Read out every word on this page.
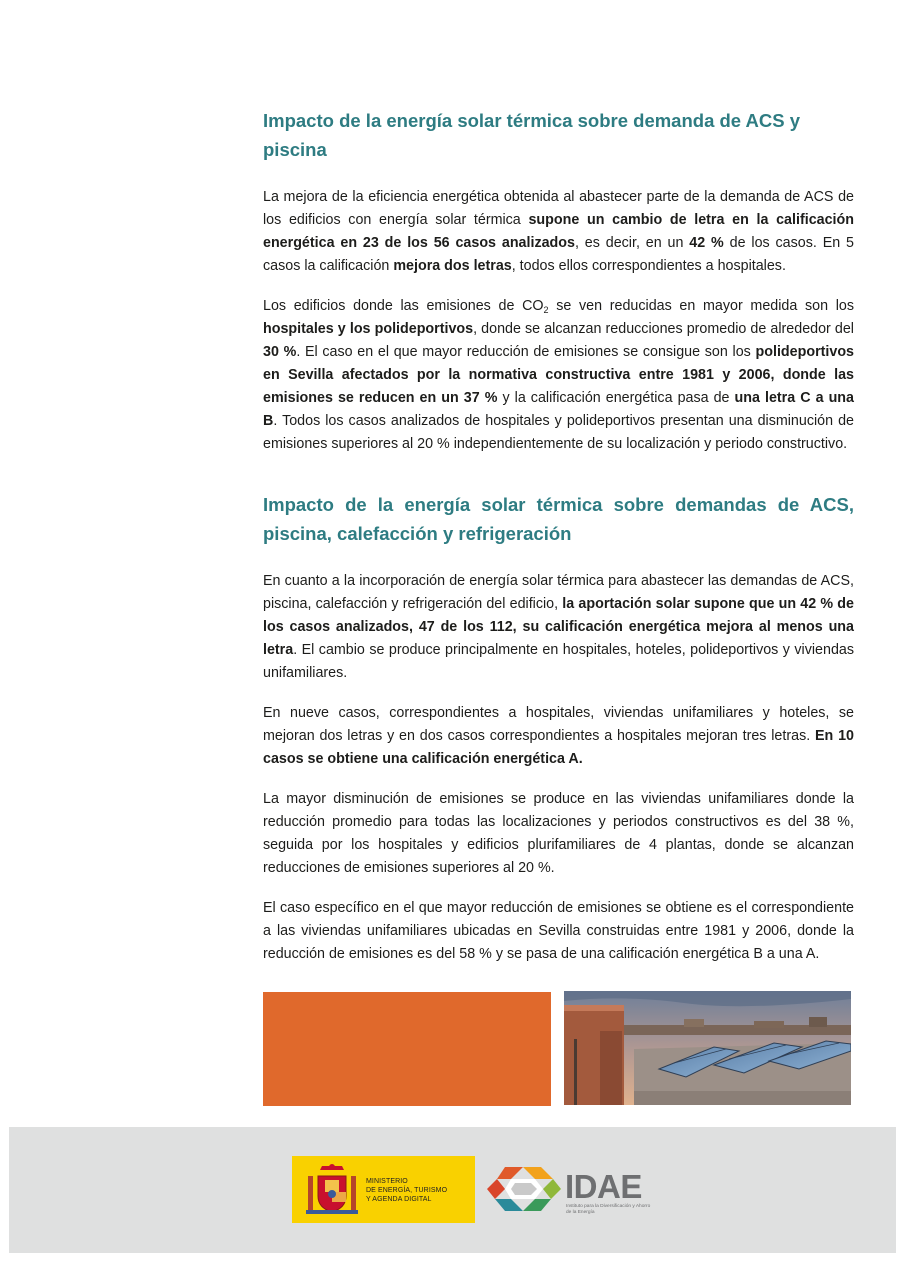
Impacto de la energía solar térmica sobre demanda de ACS y piscina

La mejora de la eficiencia energética obtenida al abastecer parte de la demanda de ACS de los edificios con energía solar térmica supone un cambio de letra en la calificación energética en 23 de los 56 casos analizados, es decir, en un 42 % de los casos. En 5 casos la calificación mejora dos letras, todos ellos correspondientes a hospitales.

Los edificios donde las emisiones de $CO_2$ se ven reducidas en mayor medida son los hospitales y los polideportivos, donde se alcanzan reducciones promedio de alrededor del 30 %. El caso en el que mayor reducción de emisiones se consigue son los polideportivos en Sevilla afectados por la normativa constructiva entre 1981 y 2006, donde las emisiones se reducen en un 37 % y la calificación energética pasa de una letra C a una B. Todos los casos analizados de hospitales y polideportivos presentan una disminución de emisiones superiores al 20 % independientemente de su localización y periodo constructivo.

Impacto de la energía solar térmica sobre demandas de ACS, piscina, calefacción y refrigeración

En cuanto a la incorporación de energía solar térmica para abastecer las demandas de ACS, piscina, calefacción y refrigeración del edificio, la aportación solar supone que un 42 % de los casos analizados, 47 de los 112, su calificación energética mejora al menos una letra. El cambio se produce principalmente en hospitales, hoteles, polideportivos y viviendas unifamiliares.

En nueve casos, correspondientes a hospitales, viviendas unifamiliares y hoteles, se mejoran dos letras y en dos casos correspondientes a hospitales mejoran tres letras. En 10 casos se obtiene una calificación energética A.

La mayor disminución de emisiones se produce en las viviendas unifamiliares donde la reducción promedio para todas las localizaciones y periodos constructivos es del 38 %, seguida por los hospitales y edificios plurifamiliares de 4 plantas, donde se alcanzan reducciones de emisiones superiores al 20 %.

El caso específico en el que mayor reducción de emisiones se obtiene es el correspondiente a las viviendas unifamiliares ubicadas en Sevilla construidas entre 1981 y 2006, donde la reducción de emisiones es del 58 % y se pasa de una calificación energética B a una A.

MINISTERIO
DE ENERGÍA, TURISMO
Y AGENDA DIGITAL	IDAE
Instituto para la Diversificación y Ahorro de la Energía
